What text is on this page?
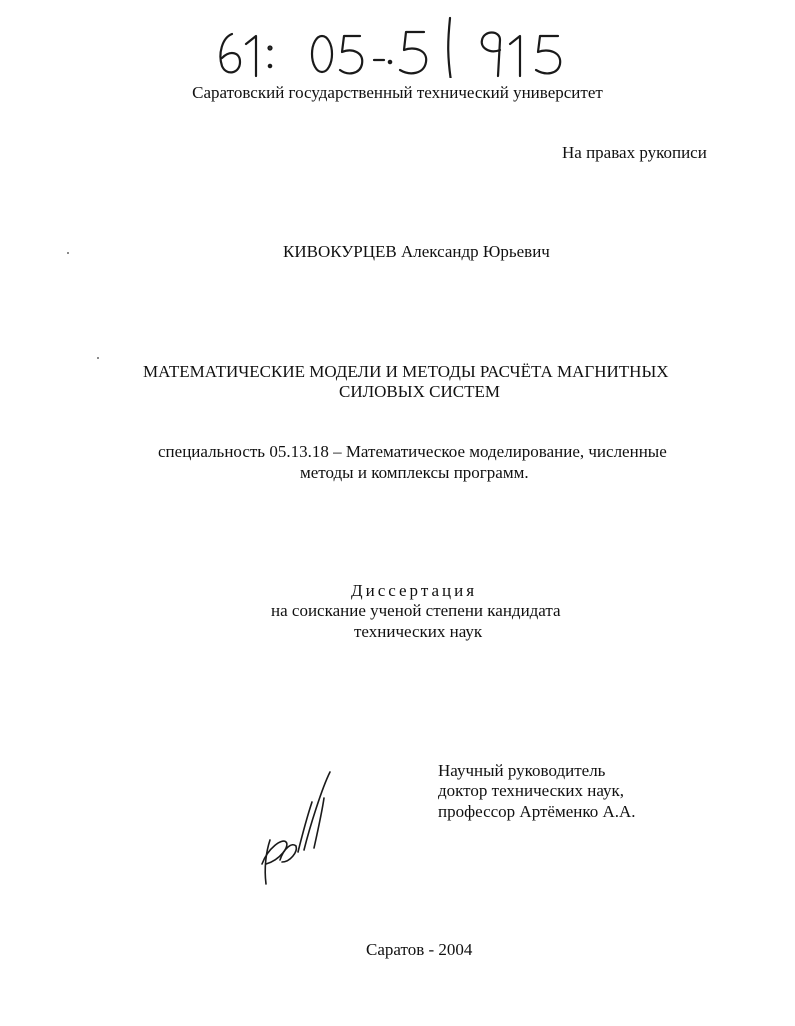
Саратовский государственный технический университет
На правах рукописи
КИВОКУРЦЕВ Александр Юрьевич
МАТЕМАТИЧЕСКИЕ МОДЕЛИ И МЕТОДЫ РАСЧЁТА МАГНИТНЫХ
СИЛОВЫХ СИСТЕМ
специальность 05.13.18 – Математическое моделирование, численные
методы и комплексы программ.
Диссертация
на соискание ученой степени кандидата
технических наук
Научный руководитель
доктор технических наук,
профессор Артёменко А.А.
Саратов - 2004
